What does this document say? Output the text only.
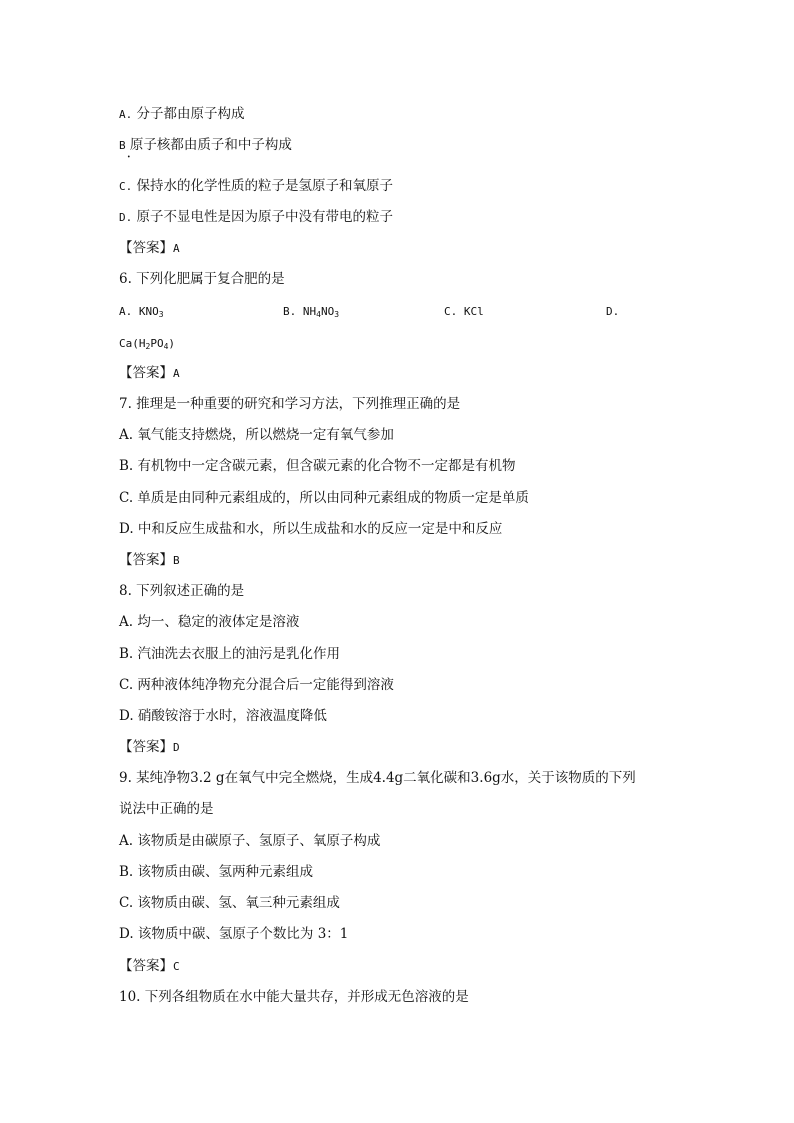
A. 分子都由原子构成
B 原子核都由质子和中子构成
•
C. 保持水的化学性质的粒子是氢原子和氧原子
D. 原子不显电性是因为原子中没有带电的粒子
【答案】A
6. 下列化肥属于复合肥的是
A. $KNO_3$	B. $NH_4NO_3$	C. KCl	D.
$Ca(H_2PO_4)$
【答案】A
7. 推理是一种重要的研究和学习方法，下列推理正确的是
A. 氧气能支持燃烧，所以燃烧一定有氧气参加
B. 有机物中一定含碳元素，但含碳元素的化合物不一定都是有机物
C. 单质是由同种元素组成的，所以由同种元素组成的物质一定是单质
D. 中和反应生成盐和水，所以生成盐和水的反应一定是中和反应
【答案】B
8. 下列叙述正确的是
A. 均一、稳定的液体定是溶液
B. 汽油洗去衣服上的油污是乳化作用
C. 两种液体纯净物充分混合后一定能得到溶液
D. 硝酸铵溶于水时，溶液温度降低
【答案】D
9. 某纯净物3.2 g在氧气中完全燃烧，生成4.4g二氧化碳和3.6g水，关于该物质的下列
说法中正确的是
A. 该物质是由碳原子、氢原子、氧原子构成
B. 该物质由碳、氢两种元素组成
C. 该物质由碳、氢、氧三种元素组成
D. 该物质中碳、氢原子个数比为 3：1
【答案】C
10. 下列各组物质在水中能大量共存，并形成无色溶液的是
